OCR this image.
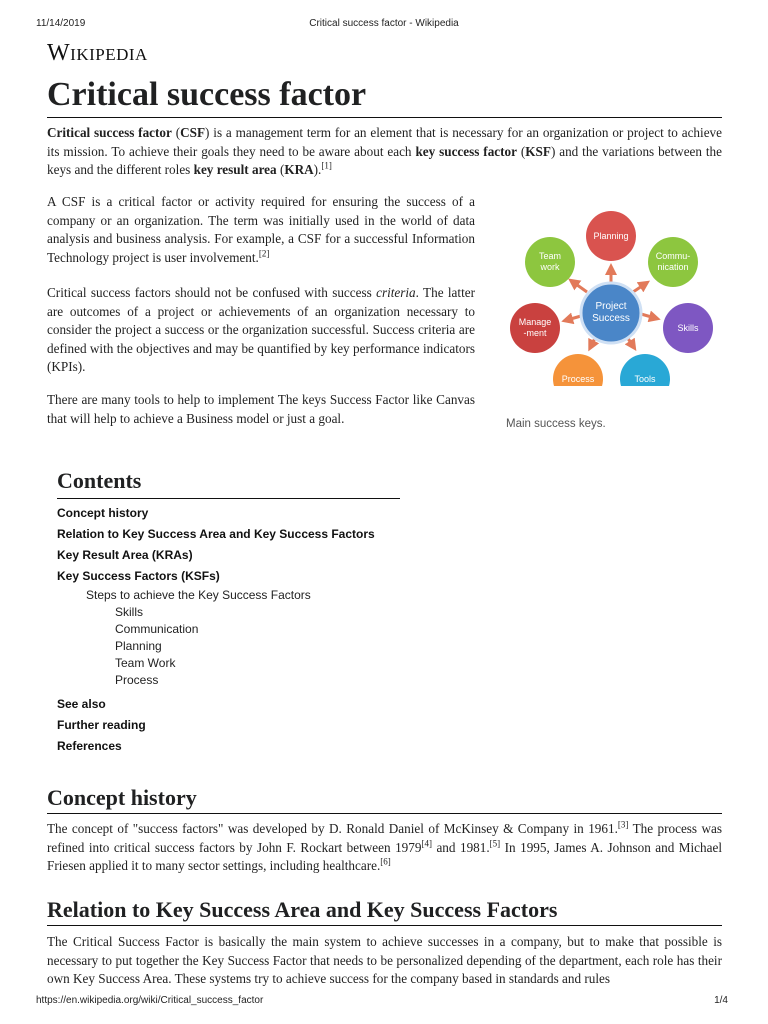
11/14/2019	Critical success factor - Wikipedia
Wikipedia
Critical success factor

Critical success factor (CSF) is a management term for an element that is necessary for an organization or project to achieve its mission. To achieve their goals they need to be aware about each key success factor (KSF) and the variations between the keys and the different roles key result area (KRA).[1]

A CSF is a critical factor or activity required for ensuring the success of a company or an organization. The term was initially used in the world of data analysis and business analysis. For example, a CSF for a successful Information Technology project is user involvement.[2]

Critical success factors should not be confused with success criteria. The latter are outcomes of a project or achievements of an organization necessary to consider the project a success or the organization successful. Success criteria are defined with the objectives and may be quantified by key performance indicators (KPIs).

There are many tools to help to implement The keys Success Factor like Canvas that will help to achieve a Business model or just a goal.

Planning
Commu-
nication
Skills
Tools
Process
Manage
-ment
Team
work
Project
Success
Main success keys.
Contents
Concept history
Relation to Key Success Area and Key Success Factors
Key Result Area (KRAs)
Key Success Factors (KSFs)
Steps to achieve the Key Success Factors
Skills
Communication
Planning
Team Work
Process
See also
Further reading
References
Concept history

The concept of "success factors" was developed by D. Ronald Daniel of McKinsey & Company in 1961.[3] The process was refined into critical success factors by John F. Rockart between 1979[4] and 1981.[5] In 1995, James A. Johnson and Michael Friesen applied it to many sector settings, including healthcare.[6]

Relation to Key Success Area and Key Success Factors

The Critical Success Factor is basically the main system to achieve successes in a company, but to make that possible is necessary to put together the Key Success Factor that needs to be personalized depending of the department, each role has their own Key Success Area. These systems try to achieve success for the company based in standards and rules

https://en.wikipedia.org/wiki/Critical_success_factor	1/4
